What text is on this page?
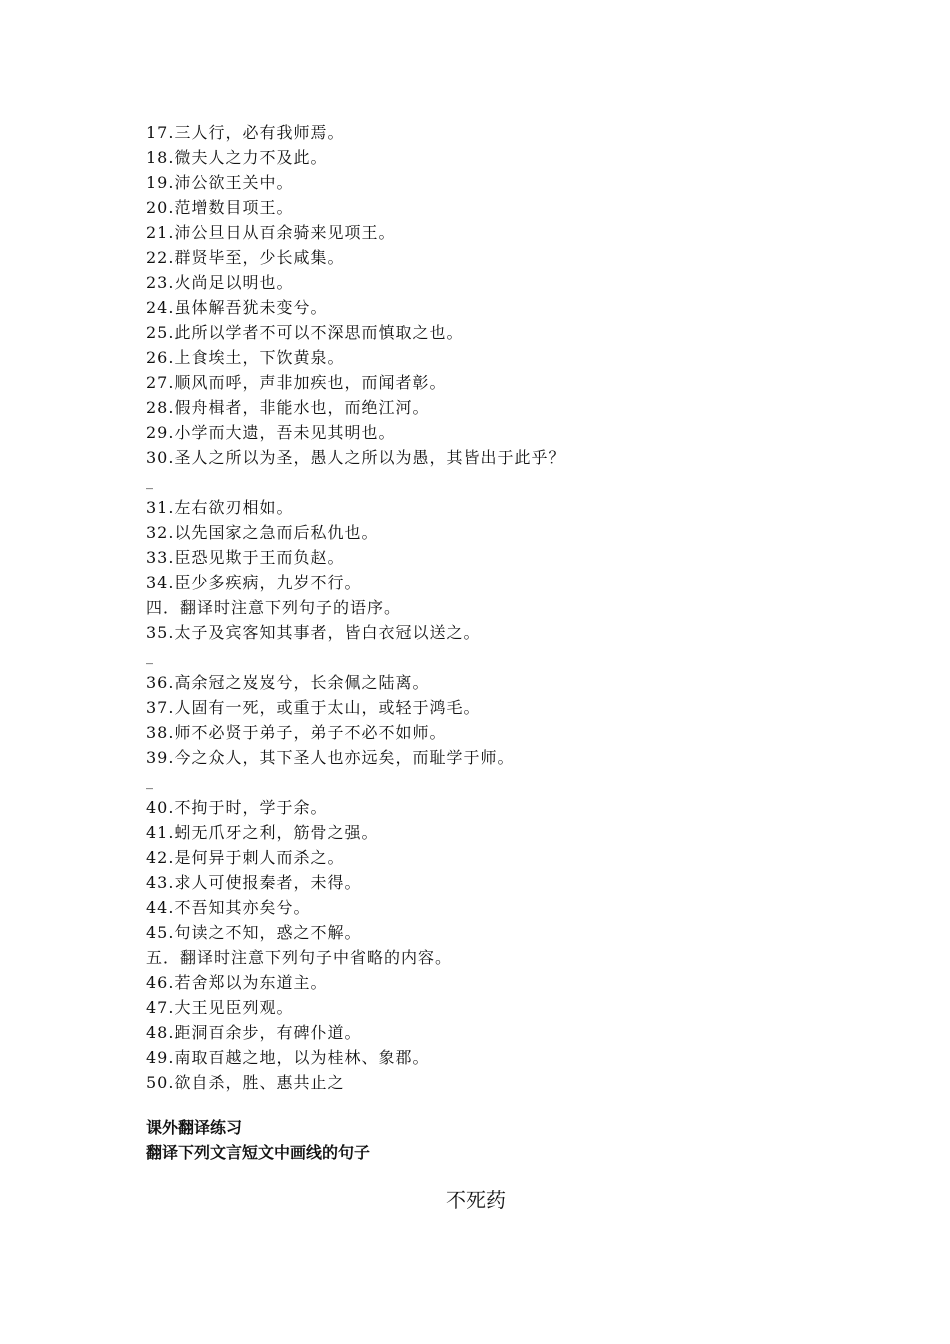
17.三人行，必有我师焉。
18.微夫人之力不及此。
19.沛公欲王关中。
20.范增数目项王。
21.沛公旦日从百余骑来见项王。
22.群贤毕至，少长咸集。
23.火尚足以明也。
24.虽体解吾犹未变兮。
25.此所以学者不可以不深思而慎取之也。
26.上食埃土，下饮黄泉。
27.顺风而呼，声非加疾也，而闻者彰。
28.假舟楫者，非能水也，而绝江河。
29.小学而大遗，吾未见其明也。
30.圣人之所以为圣，愚人之所以为愚，其皆出于此乎？
_
31.左右欲刃相如。
32.以先国家之急而后私仇也。
33.臣恐见欺于王而负赵。
34.臣少多疾病，九岁不行。
四．翻译时注意下列句子的语序。
35.太子及宾客知其事者，皆白衣冠以送之。
_
36.高余冠之岌岌兮，长余佩之陆离。
37.人固有一死，或重于太山，或轻于鸿毛。
38.师不必贤于弟子，弟子不必不如师。
39.今之众人，其下圣人也亦远矣，而耻学于师。
_
40.不拘于时，学于余。
41.蚓无爪牙之利，筋骨之强。
42.是何异于刺人而杀之。
43.求人可使报秦者，未得。
44.不吾知其亦矣兮。
45.句读之不知，惑之不解。
五．翻译时注意下列句子中省略的内容。
46.若舍郑以为东道主。
47.大王见臣列观。
48.距洞百余步，有碑仆道。
49.南取百越之地，以为桂林、象郡。
50.欲自杀，胜、惠共止之
课外翻译练习
翻译下列文言短文中画线的句子
不死药
